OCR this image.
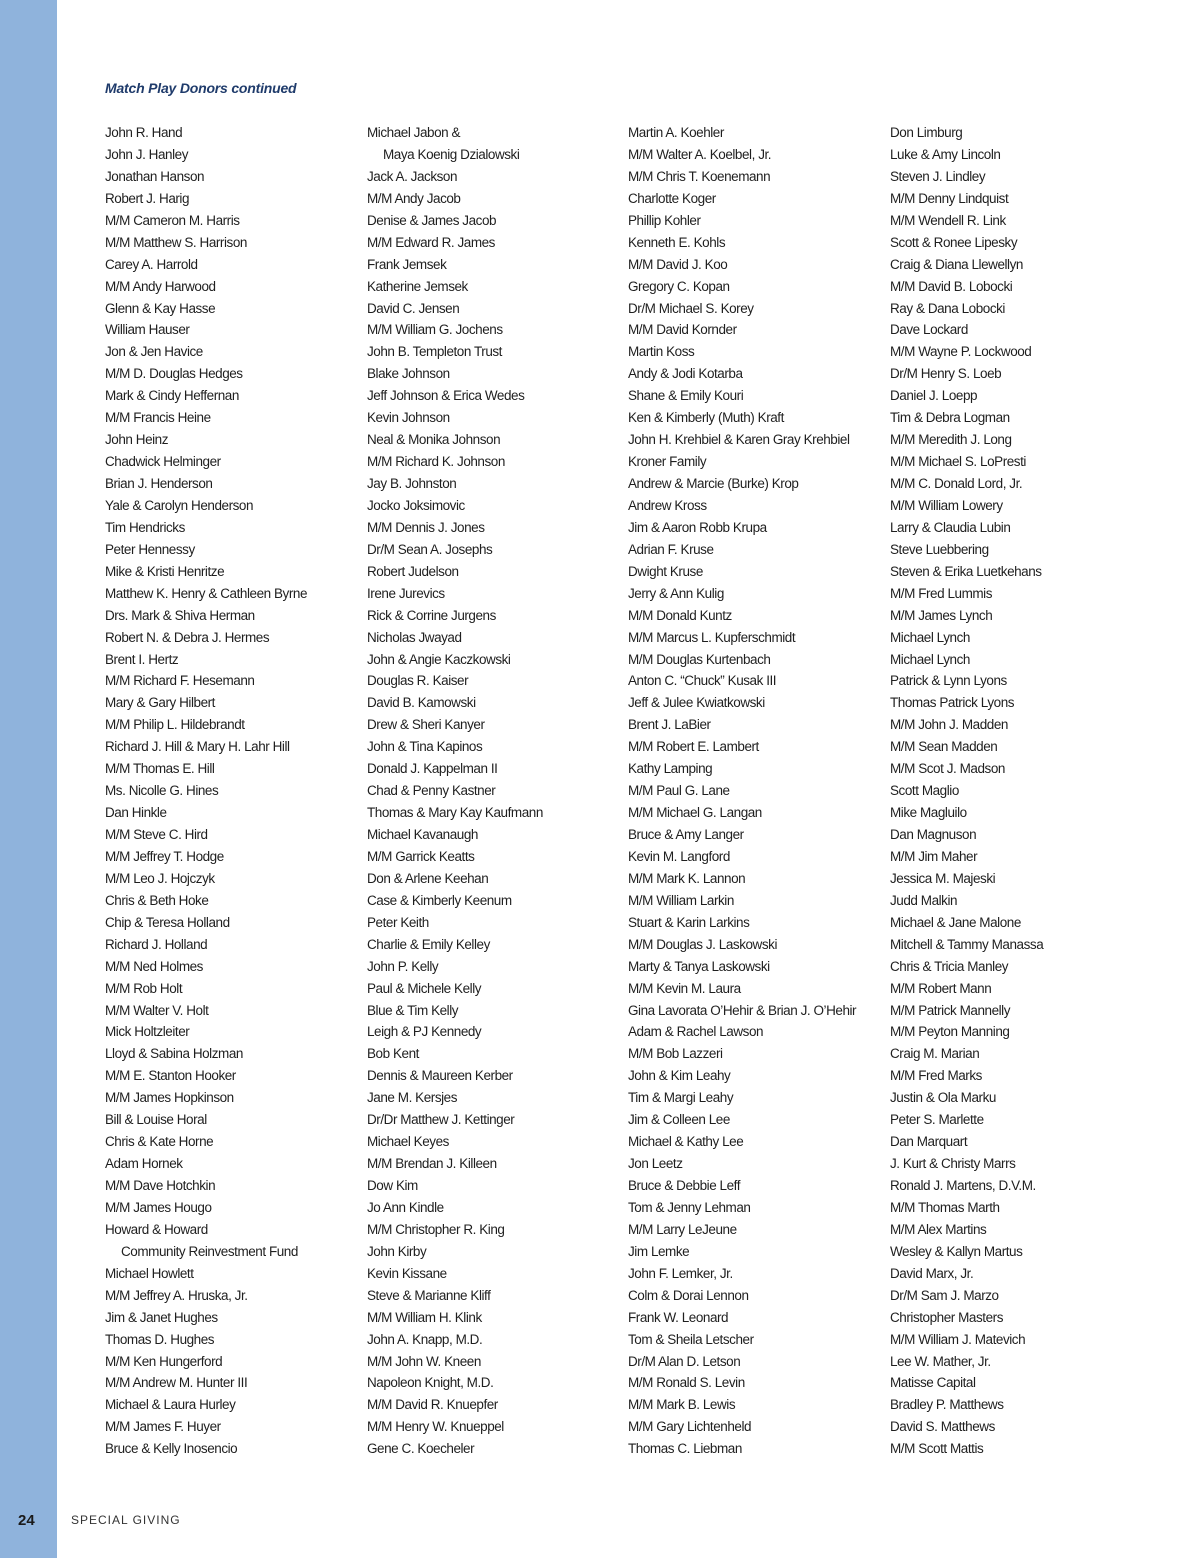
Match Play Donors continued
John R. Hand
John J. Hanley
Jonathan Hanson
Robert J. Harig
M/M Cameron M. Harris
M/M Matthew S. Harrison
Carey A. Harrold
M/M Andy Harwood
Glenn & Kay Hasse
William Hauser
Jon & Jen Havice
M/M D. Douglas Hedges
Mark & Cindy Heffernan
M/M Francis Heine
John Heinz
Chadwick Helminger
Brian J. Henderson
Yale & Carolyn Henderson
Tim Hendricks
Peter Hennessy
Mike & Kristi Henritze
Matthew K. Henry & Cathleen Byrne
Drs. Mark & Shiva Herman
Robert N. & Debra J. Hermes
Brent I. Hertz
M/M Richard F. Hesemann
Mary & Gary Hilbert
M/M Philip L. Hildebrandt
Richard J. Hill & Mary H. Lahr Hill
M/M Thomas E. Hill
Ms. Nicolle G. Hines
Dan Hinkle
M/M Steve C. Hird
M/M Jeffrey T. Hodge
M/M Leo J. Hojczyk
Chris & Beth Hoke
Chip & Teresa Holland
Richard J. Holland
M/M Ned Holmes
M/M Rob Holt
M/M Walter V. Holt
Mick Holtzleiter
Lloyd & Sabina Holzman
M/M E. Stanton Hooker
M/M James Hopkinson
Bill & Louise Horal
Chris & Kate Horne
Adam Hornek
M/M Dave Hotchkin
M/M James Hougo
Howard & Howard
Community Reinvestment Fund
Michael Howlett
M/M Jeffrey A. Hruska, Jr.
Jim & Janet Hughes
Thomas D. Hughes
M/M Ken Hungerford
M/M Andrew M. Hunter III
Michael & Laura Hurley
M/M James F. Huyer
Bruce & Kelly Inosencio
Michael Jabon &
Maya Koenig Dzialowski
Jack A. Jackson
M/M Andy Jacob
Denise & James Jacob
M/M Edward R. James
Frank Jemsek
Katherine Jemsek
David C. Jensen
M/M William G. Jochens
John B. Templeton Trust
Blake Johnson
Jeff Johnson & Erica Wedes
Kevin Johnson
Neal & Monika Johnson
M/M Richard K. Johnson
Jay B. Johnston
Jocko Joksimovic
M/M Dennis J. Jones
Dr/M Sean A. Josephs
Robert Judelson
Irene Jurevics
Rick & Corrine Jurgens
Nicholas Jwayad
John & Angie Kaczkowski
Douglas R. Kaiser
David B. Kamowski
Drew & Sheri Kanyer
John & Tina Kapinos
Donald J. Kappelman II
Chad & Penny Kastner
Thomas & Mary Kay Kaufmann
Michael Kavanaugh
M/M Garrick Keatts
Don & Arlene Keehan
Case & Kimberly Keenum
Peter Keith
Charlie & Emily Kelley
John P. Kelly
Paul & Michele Kelly
Blue & Tim Kelly
Leigh & PJ Kennedy
Bob Kent
Dennis & Maureen Kerber
Jane M. Kersjes
Dr/Dr Matthew J. Kettinger
Michael Keyes
M/M Brendan J. Killeen
Dow Kim
Jo Ann Kindle
M/M Christopher R. King
John Kirby
Kevin Kissane
Steve & Marianne Kliff
M/M William H. Klink
John A. Knapp, M.D.
M/M John W. Kneen
Napoleon Knight, M.D.
M/M David R. Knuepfer
M/M Henry W. Knueppel
Gene C. Koecheler
Martin A. Koehler
M/M Walter A. Koelbel, Jr.
M/M Chris T. Koenemann
Charlotte Koger
Phillip Kohler
Kenneth E. Kohls
M/M David J. Koo
Gregory C. Kopan
Dr/M Michael S. Korey
M/M David Kornder
Martin Koss
Andy & Jodi Kotarba
Shane & Emily Kouri
Ken & Kimberly (Muth) Kraft
John H. Krehbiel & Karen Gray Krehbiel
Kroner Family
Andrew & Marcie (Burke) Krop
Andrew Kross
Jim & Aaron Robb Krupa
Adrian F. Kruse
Dwight Kruse
Jerry & Ann Kulig
M/M Donald Kuntz
M/M Marcus L. Kupferschmidt
M/M Douglas Kurtenbach
Anton C. “Chuck” Kusak III
Jeff & Julee Kwiatkowski
Brent J. LaBier
M/M Robert E. Lambert
Kathy Lamping
M/M Paul G. Lane
M/M Michael G. Langan
Bruce & Amy Langer
Kevin M. Langford
M/M Mark K. Lannon
M/M William Larkin
Stuart & Karin Larkins
M/M Douglas J. Laskowski
Marty & Tanya Laskowski
M/M Kevin M. Laura
Gina Lavorata O’Hehir & Brian J. O’Hehir
Adam & Rachel Lawson
M/M Bob Lazzeri
John & Kim Leahy
Tim & Margi Leahy
Jim & Colleen Lee
Michael & Kathy Lee
Jon Leetz
Bruce & Debbie Leff
Tom & Jenny Lehman
M/M Larry LeJeune
Jim Lemke
John F. Lemker, Jr.
Colm & Dorai Lennon
Frank W. Leonard
Tom & Sheila Letscher
Dr/M Alan D. Letson
M/M Ronald S. Levin
M/M Mark B. Lewis
M/M Gary Lichtenheld
Thomas C. Liebman
Don Limburg
Luke & Amy Lincoln
Steven J. Lindley
M/M Denny Lindquist
M/M Wendell R. Link
Scott & Ronee Lipesky
Craig & Diana Llewellyn
M/M David B. Lobocki
Ray & Dana Lobocki
Dave Lockard
M/M Wayne P. Lockwood
Dr/M Henry S. Loeb
Daniel J. Loepp
Tim & Debra Logman
M/M Meredith J. Long
M/M Michael S. LoPresti
M/M C. Donald Lord, Jr.
M/M William Lowery
Larry & Claudia Lubin
Steve Luebbering
Steven & Erika Luetkehans
M/M Fred Lummis
M/M James Lynch
Michael Lynch
Michael Lynch
Patrick & Lynn Lyons
Thomas Patrick Lyons
M/M John J. Madden
M/M Sean Madden
M/M Scot J. Madson
Scott Maglio
Mike Magluilo
Dan Magnuson
M/M Jim Maher
Jessica M. Majeski
Judd Malkin
Michael & Jane Malone
Mitchell & Tammy Manassa
Chris & Tricia Manley
M/M Robert Mann
M/M Patrick Mannelly
M/M Peyton Manning
Craig M. Marian
M/M Fred Marks
Justin & Ola Marku
Peter S. Marlette
Dan Marquart
J. Kurt & Christy Marrs
Ronald J. Martens, D.V.M.
M/M Thomas Marth
M/M Alex Martins
Wesley & Kallyn Martus
David Marx, Jr.
Dr/M Sam J. Marzo
Christopher Masters
M/M William J. Matevich
Lee W. Mather, Jr.
Matisse Capital
Bradley P. Matthews
David S. Matthews
M/M Scott Mattis
24	SPECIAL GIVING
